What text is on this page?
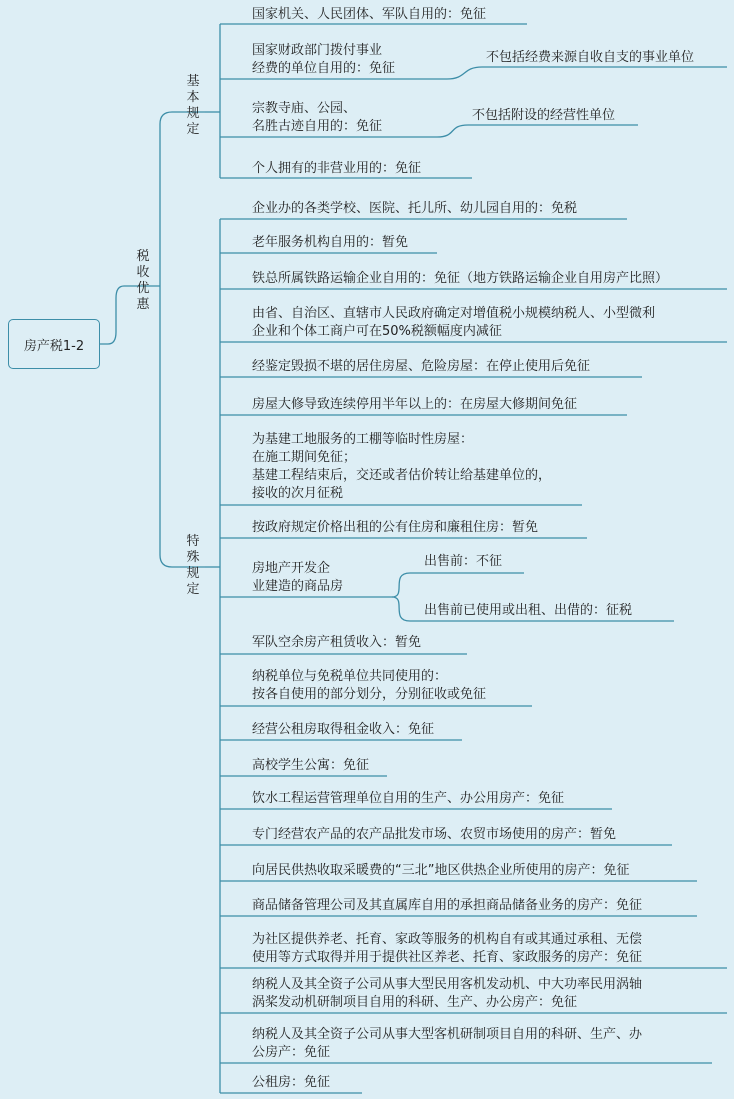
房产税1-2
税收优惠
基本规定
特殊规定
国家机关、人民团体、军队自用的：免征
国家财政部门拨付事业
经费的单位自用的：免征
不包括经费来源自收自支的事业单位
宗教寺庙、公园、
名胜古迹自用的：免征
不包括附设的经营性单位
个人拥有的非营业用的：免征
企业办的各类学校、医院、托儿所、幼儿园自用的：免税
老年服务机构自用的：暂免
铁总所属铁路运输企业自用的：免征（地方铁路运输企业自用房产比照）
由省、自治区、直辖市人民政府确定对增值税小规模纳税人、小型微利
企业和个体工商户可在50%税额幅度内减征
经鉴定毁损不堪的居住房屋、危险房屋：在停止使用后免征
房屋大修导致连续停用半年以上的：在房屋大修期间免征
为基建工地服务的工棚等临时性房屋：
在施工期间免征；
基建工程结束后，交还或者估价转让给基建单位的，
接收的次月征税
按政府规定价格出租的公有住房和廉租住房：暂免
房地产开发企
业建造的商品房
出售前：不征
出售前已使用或出租、出借的：征税
军队空余房产租赁收入：暂免
纳税单位与免税单位共同使用的：
按各自使用的部分划分，分别征收或免征
经营公租房取得租金收入：免征
高校学生公寓：免征
饮水工程运营管理单位自用的生产、办公用房产：免征
专门经营农产品的农产品批发市场、农贸市场使用的房产：暂免
向居民供热收取采暖费的“三北”地区供热企业所使用的房产：免征
商品储备管理公司及其直属库自用的承担商品储备业务的房产：免征
为社区提供养老、托育、家政等服务的机构自有或其通过承租、无偿
使用等方式取得并用于提供社区养老、托育、家政服务的房产：免征
纳税人及其全资子公司从事大型民用客机发动机、中大功率民用涡轴
涡桨发动机研制项目自用的科研、生产、办公房产：免征
纳税人及其全资子公司从事大型客机研制项目自用的科研、生产、办
公房产：免征
公租房：免征
